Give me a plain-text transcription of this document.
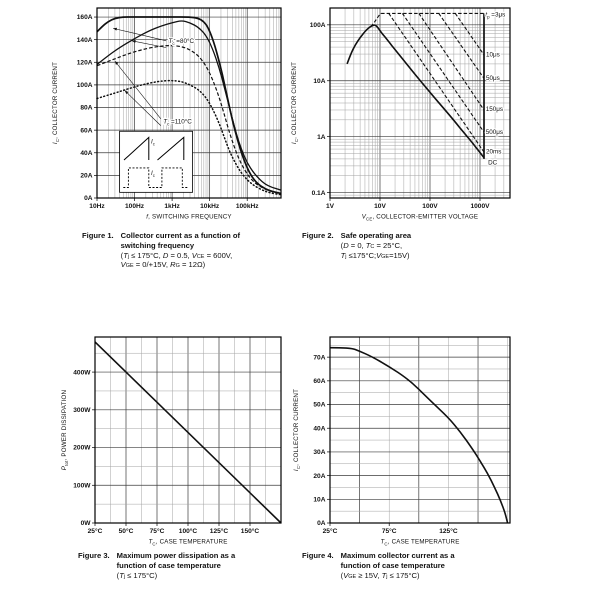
$I_c$
$I_c$
$T_c =80^\circ C$
$T_c =110^\circ C$
10Hz	100Hz	1kHz	10kHz	100kHz
0A
20A
40A
60A
80A
100A
120A
140A
160A
f, SWITCHING FREQUENCY
$I_C$, COLLECTOR CURRENT
$t_p =3\mu s$
10μs
50μs
150μs
500μs
20ms
DC
1V	10V	100V	1000V
0.1A
1A
10A
100A
$V_{CE}$, COLLECTOR-EMITTER VOLTAGE
$I_C$, COLLECTOR CURRENT
25°C 50°C 75°C 100°C 125°C 150°C
0W
100W
200W
300W
400W
$T_C$, CASE TEMPERATURE
$P_{tot}$, POWER DISSIPATION
25°C	75°C	125°C
0A
10A
20A
30A
40A
50A
60A
70A
$T_C$, CASE TEMPERATURE
$I_C$, COLLECTOR CURRENT
Figure 1. Collector current as a function of
switching frequency
($T_j \le 175^\circ C$, D = 0.5, $V_{CE} = 600V$,
$V_{GE} = 0/+15V$, $R_G = 12\Omega$)
Figure 2. Safe operating area
(D = 0, $T_C = 25^\circ C$,
$T_j$ $\le 175^\circ C;V_{GE}=15V$)
Figure 3. Maximum power dissipation as a
function of case temperature
$(T_j \le 175^\circ C)$
Figure 4. Maximum collector current as a
function of case temperature
($V_{GE} \ge 15V$, $T_j \le 175^\circ C$)
